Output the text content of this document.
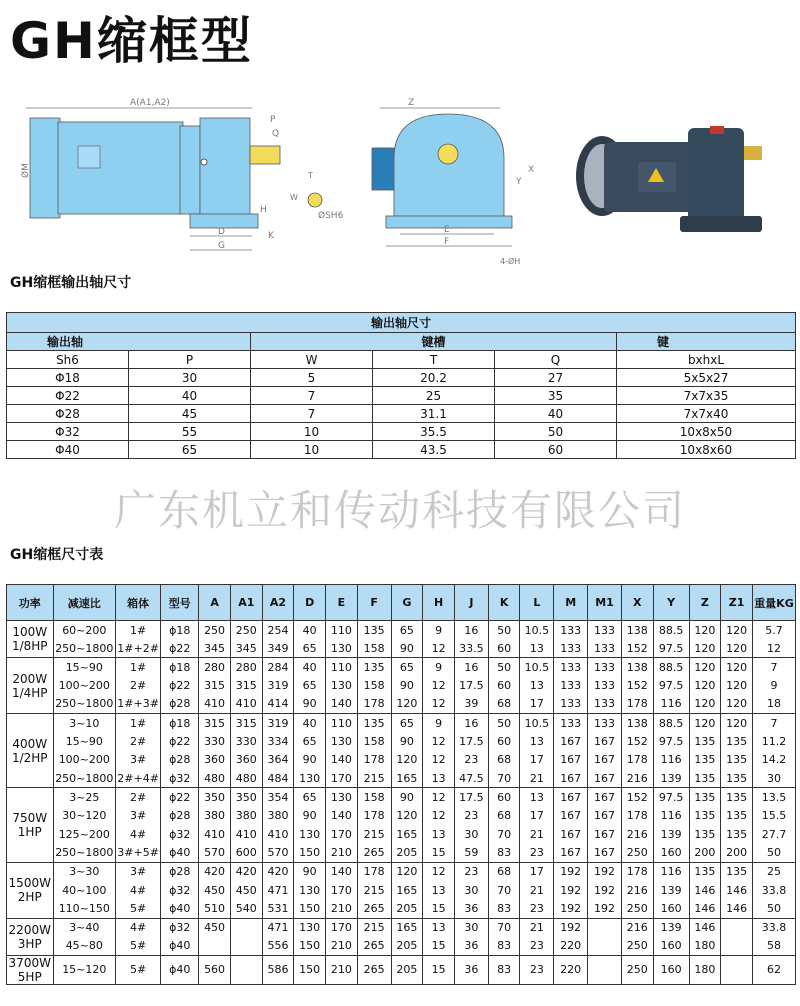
GH缩框型
A(A1,A2)
ØM
P
Q
D
G
K
H
W
T
ØSH6
Z
E
F
4-ØH
Y
X
GH缩框输出轴尺寸
输出轴尺寸					
输出轴		键槽			键
Sh6	P	W	T	Q	bxhxL
Φ18	30	5	20.2	27	5x5x27
Φ22	40	7	25	35	7x7x35
Φ28	45	7	31.1	40	7x7x40
Φ32	55	10	35.5	50	10x8x50
Φ40	65	10	43.5	60	10x8x60
广东机立和传动科技有限公司
GH缩框尺寸表
功率	减速比	箱体	型号	A	A1	A2	D	E	F	G	H	J	K	L	M	M1	X	Y	Z	Z1	重量KG

100W
1/8HP	60~200	1#	ϕ18	250	250	254	40	110	135	65	9	16	50	10.5	133	133	138	88.5	120	120	5.7
	250~1800	1#+2#	ϕ22	345	345	349	65	130	158	90	12	33.5	60	13	133	133	152	97.5	120	120	12

200W
1/4HP	15~90	1#	ϕ18	280	280	284	40	110	135	65	9	16	50	10.5	133	133	138	88.5	120	120	7
	100~200	2#	ϕ22	315	315	319	65	130	158	90	12	17.5	60	13	133	133	152	97.5	120	120	9
	250~1800	1#+3#	ϕ28	410	410	414	90	140	178	120	12	39	68	17	133	133	178	116	120	120	18

400W
1/2HP	3~10	1#	ϕ18	315	315	319	40	110	135	65	9	16	50	10.5	133	133	138	88.5	120	120	7
	15~90	2#	ϕ22	330	330	334	65	130	158	90	12	17.5	60	13	167	167	152	97.5	135	135	11.2
	100~200	3#	ϕ28	360	360	364	90	140	178	120	12	23	68	17	167	167	178	116	135	135	14.2
	250~1800	2#+4#	ϕ32	480	480	484	130	170	215	165	13	47.5	70	21	167	167	216	139	135	135	30

750W
1HP	3~25	2#	ϕ22	350	350	354	65	130	158	90	12	17.5	60	13	167	167	152	97.5	135	135	13.5
	30~120	3#	ϕ28	380	380	380	90	140	178	120	12	23	68	17	167	167	178	116	135	135	15.5
	125~200	4#	ϕ32	410	410	410	130	170	215	165	13	30	70	21	167	167	216	139	135	135	27.7
	250~1800	3#+5#	ϕ40	570	600	570	150	210	265	205	15	59	83	23	167	167	250	160	200	200	50

1500W
2HP	3~30	3#	ϕ28	420	420	420	90	140	178	120	12	23	68	17	192	192	178	116	135	135	25
	40~100	4#	ϕ32	450	450	471	130	170	215	165	13	30	70	21	192	192	216	139	146	146	33.8
	110~150	5#	ϕ40	510	540	531	150	210	265	205	15	36	83	23	192	192	250	160	146	146	50

2200W
3HP	3~40	4#	ϕ32	450		471	130	170	215	165	13	30	70	21	192		216	139	146		33.8
	45~80	5#	ϕ40			556	150	210	265	205	15	36	83	23	220		250	160	180		58

3700W
5HP	15~120	5#	ϕ40	560		586	150	210	265	205	15	36	83	23	220		250	160	180		62
